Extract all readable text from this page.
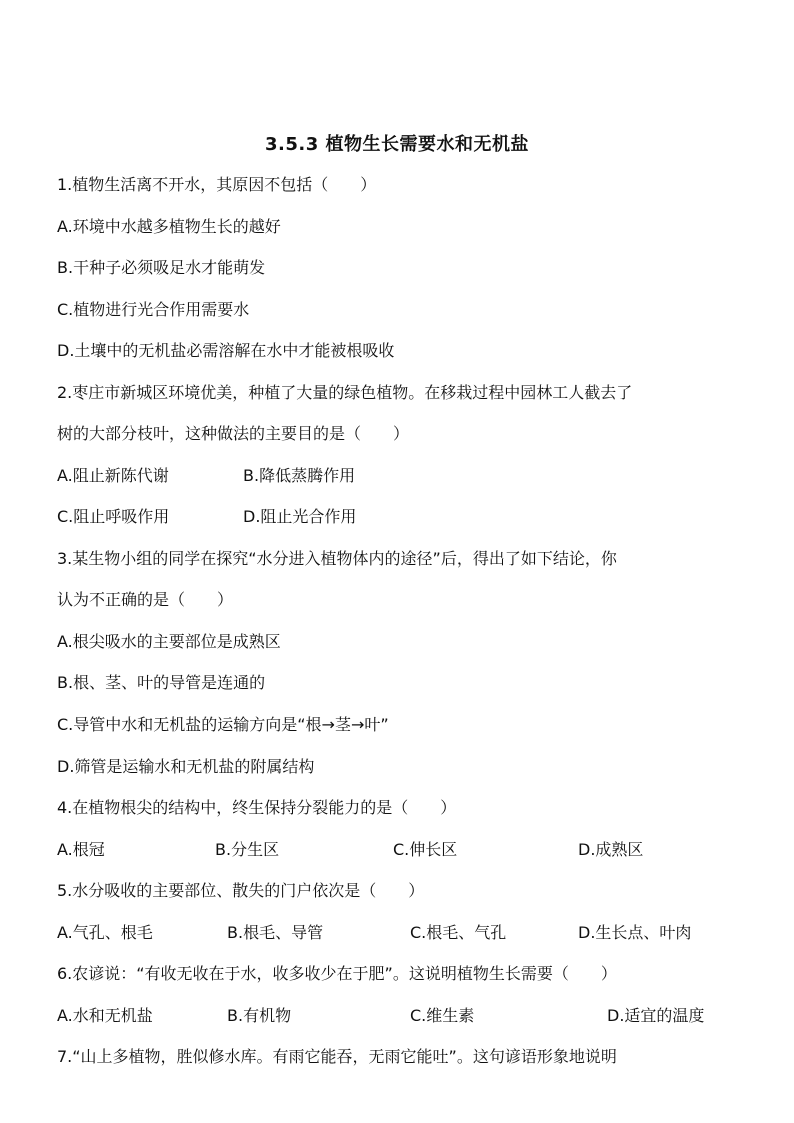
3.5.3 植物生长需要水和无机盐
1.植物生活离不开水，其原因不包括（　　）
A.环境中水越多植物生长的越好
B.干种子必须吸足水才能萌发
C.植物进行光合作用需要水
D.土壤中的无机盐必需溶解在水中才能被根吸收
2.枣庄市新城区环境优美，种植了大量的绿色植物。在移栽过程中园林工人截去了
树的大部分枝叶，这种做法的主要目的是（　　）
A.阻止新陈代谢	B.降低蒸腾作用
C.阻止呼吸作用	D.阻止光合作用
3.某生物小组的同学在探究“水分进入植物体内的途径”后，得出了如下结论，你
认为不正确的是（　　）
A.根尖吸水的主要部位是成熟区
B.根、茎、叶的导管是连通的
C.导管中水和无机盐的运输方向是“根→茎→叶”
D.筛管是运输水和无机盐的附属结构
4.在植物根尖的结构中，终生保持分裂能力的是（　　）
A.根冠	B.分生区	C.伸长区	D.成熟区
5.水分吸收的主要部位、散失的门户依次是（　　）
A.气孔、根毛	B.根毛、导管	C.根毛、气孔	D.生长点、叶肉
6.农谚说：“有收无收在于水，收多收少在于肥”。这说明植物生长需要（　　）
A.水和无机盐	B.有机物	C.维生素	D.适宜的温度
7.“山上多植物，胜似修水库。有雨它能吞，无雨它能吐”。这句谚语形象地说明
